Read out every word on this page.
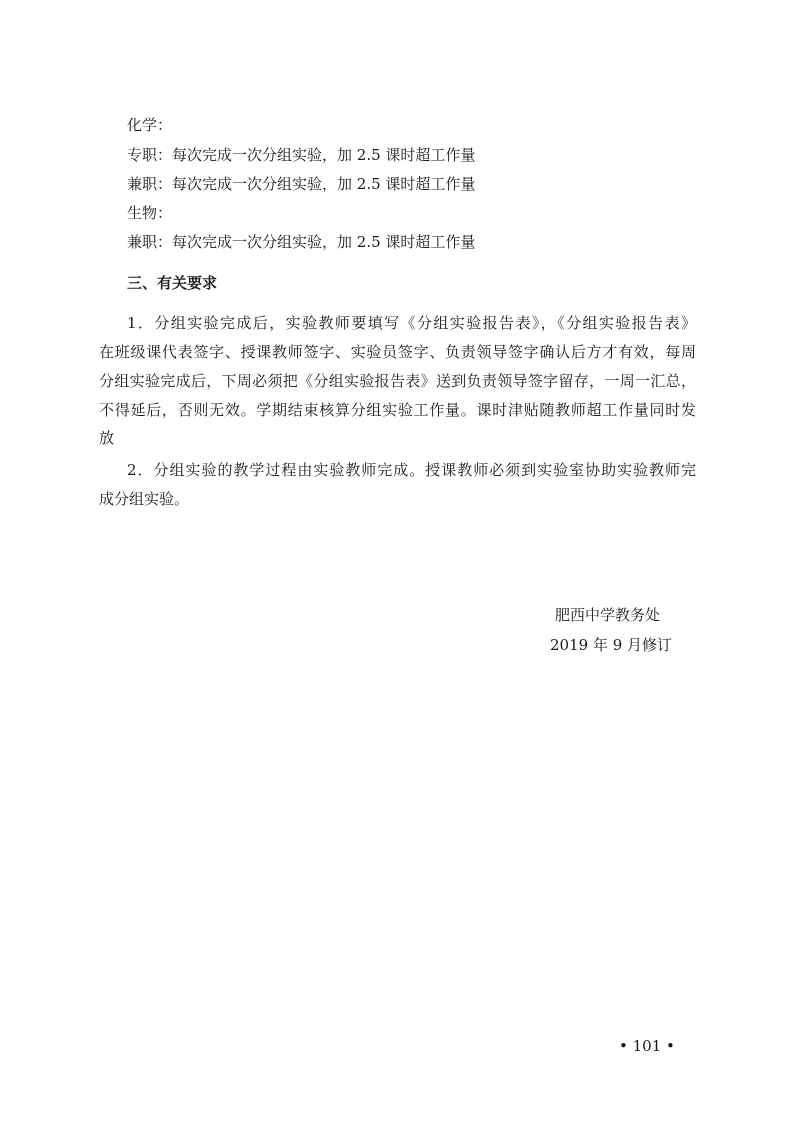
化学：
专职：每次完成一次分组实验，加 2.5 课时超工作量
兼职：每次完成一次分组实验，加 2.5 课时超工作量
生物：
兼职：每次完成一次分组实验，加 2.5 课时超工作量
三、有关要求
1．分组实验完成后，实验教师要填写《分组实验报告表》，《分组实验报告表》
在班级课代表签字、授课教师签字、实验员签字、负责领导签字确认后方才有效，每周
分组实验完成后，下周必须把《分组实验报告表》送到负责领导签字留存，一周一汇总，
不得延后，否则无效。学期结束核算分组实验工作量。课时津贴随教师超工作量同时发
放
2．分组实验的教学过程由实验教师完成。授课教师必须到实验室协助实验教师完
成分组实验。
肥西中学教务处
2019 年 9 月修订
• 101 •
